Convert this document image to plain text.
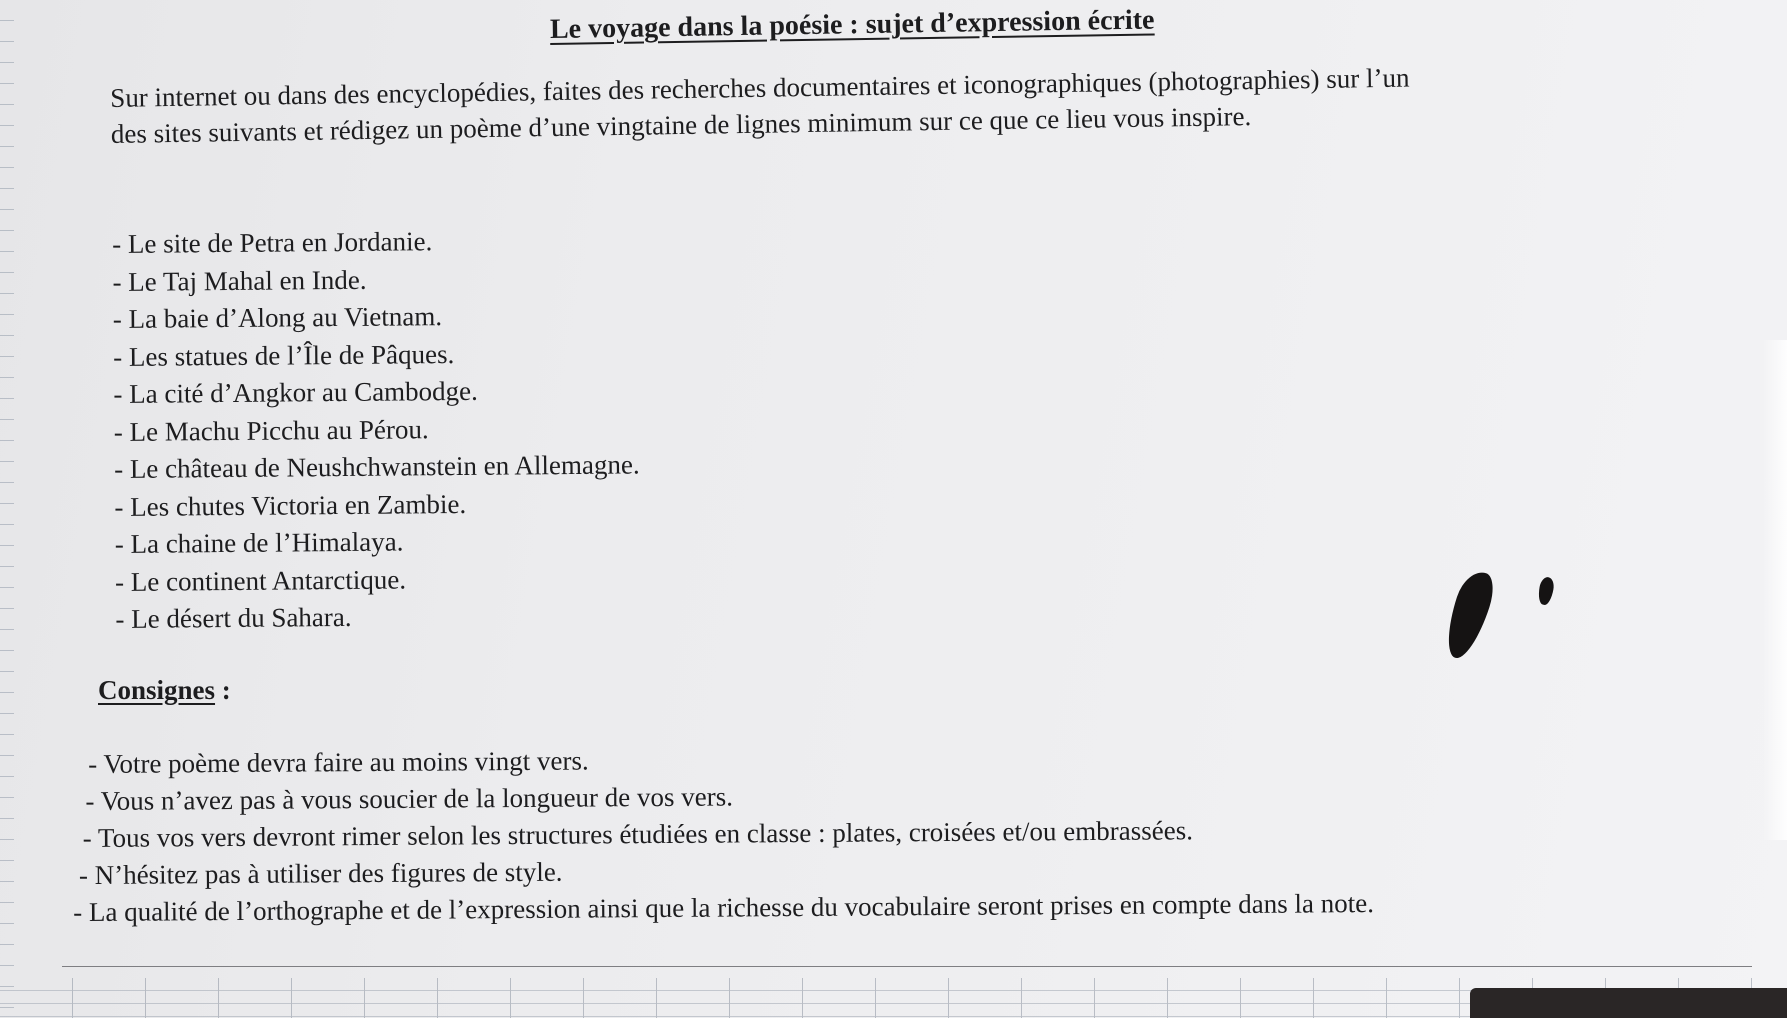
Le voyage dans la poésie : sujet d’expression écrite

Sur internet ou dans des encyclopédies, faites des recherches documentaires et iconographiques (photographies) sur l’un

des sites suivants et rédigez un poème d’une vingtaine de lignes minimum sur ce que ce lieu vous inspire.

- Le site de Petra en Jordanie.
- Le Taj Mahal en Inde.
- La baie d’Along au Vietnam.
- Les statues de l’Île de Pâques.
- La cité d’Angkor au Cambodge.
- Le Machu Picchu au Pérou.
- Le château de Neushchwanstein en Allemagne.
- Les chutes Victoria en Zambie.
- La chaine de l’Himalaya.
- Le continent Antarctique.
- Le désert du Sahara.
Consignes :
- Votre poème devra faire au moins vingt vers.
- Vous n’avez pas à vous soucier de la longueur de vos vers.
- Tous vos vers devront rimer selon les structures étudiées en classe : plates, croisées et/ou embrassées.
- N’hésitez pas à utiliser des figures de style.
- La qualité de l’orthographe et de l’expression ainsi que la richesse du vocabulaire seront prises en compte dans la note.
